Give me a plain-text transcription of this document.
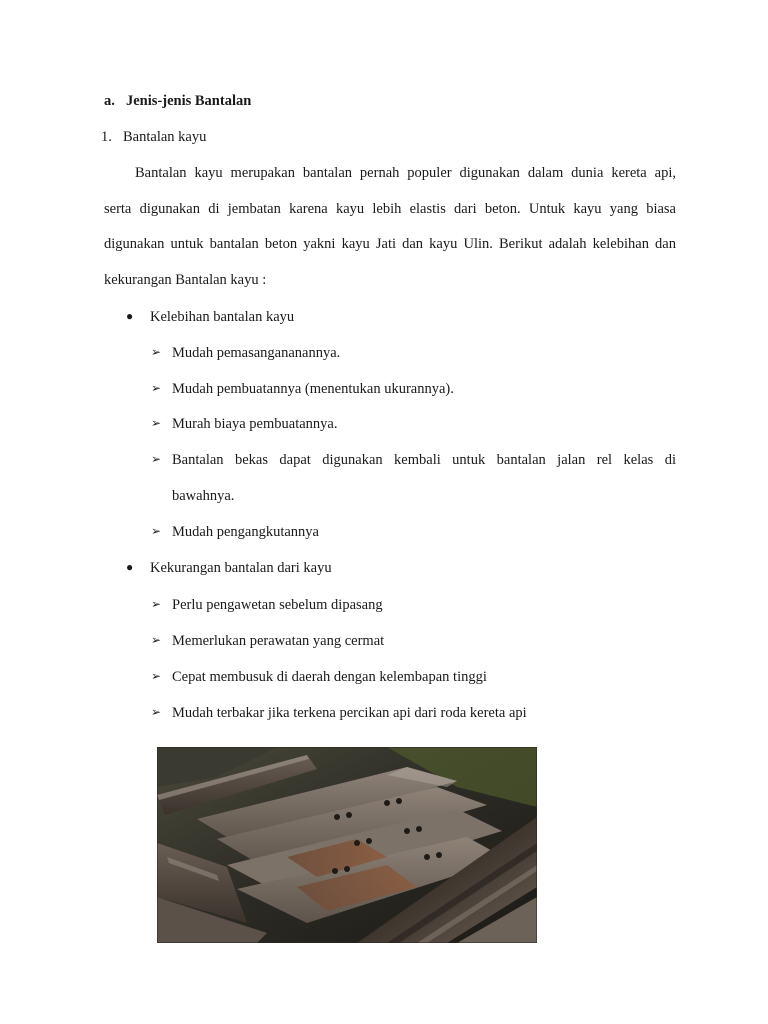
a. Jenis-jenis Bantalan
1. Bantalan kayu
Bantalan kayu merupakan bantalan pernah populer digunakan dalam dunia kereta api,
serta digunakan di jembatan karena kayu lebih elastis dari beton. Untuk kayu yang biasa
digunakan untuk bantalan beton yakni kayu Jati dan kayu Ulin. Berikut adalah kelebihan dan
kekurangan Bantalan kayu :
● Kelebihan bantalan kayu
➢ Mudah pemasangananannya.
➢ Mudah pembuatannya (menentukan ukurannya).
➢ Murah biaya pembuatannya.
➢ Bantalan bekas dapat digunakan kembali untuk bantalan jalan rel kelas di
bawahnya.
➢ Mudah pengangkutannya
● Kekurangan bantalan dari kayu
➢ Perlu pengawetan sebelum dipasang
➢ Memerlukan perawatan yang cermat
➢ Cepat membusuk di daerah dengan kelembapan tinggi
➢ Mudah terbakar jika terkena percikan api dari roda kereta api
